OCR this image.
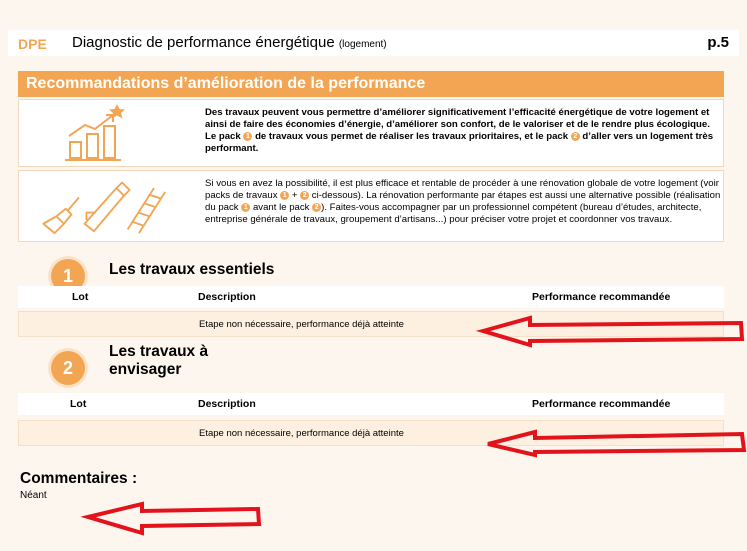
DPE Diagnostic de performance énergétique (logement)	p.5
Recommandations d’amélioration de la performance
Des travaux peuvent vous permettre d’améliorer significativement l’efficacité énergétique de votre logement et ainsi de faire des économies d’énergie, d’améliorer son confort, de le valoriser et de le rendre plus écologique. Le pack 1 de travaux vous permet de réaliser les travaux prioritaires, et le pack 2 d’aller vers un logement très performant.
Si vous en avez la possibilité, il est plus efficace et rentable de procéder à une rénovation globale de votre logement (voir packs de travaux 1 + 2 ci-dessous). La rénovation performante par étapes est aussi une alternative possible (réalisation du pack 1 avant le pack 2 ). Faites-vous accompagner par un professionnel compétent (bureau d’études, architecte, entreprise générale de travaux, groupement d’artisans...) pour préciser votre projet et coordonner vos travaux.
1	Les travaux essentiels
Lot	Description	Performance recommandée
Etape non nécessaire, performance déjà atteinte
2
Les travaux à
envisager
Lot	Description	Performance recommandée
Etape non nécessaire, performance déjà atteinte
Commentaires :
Néant
